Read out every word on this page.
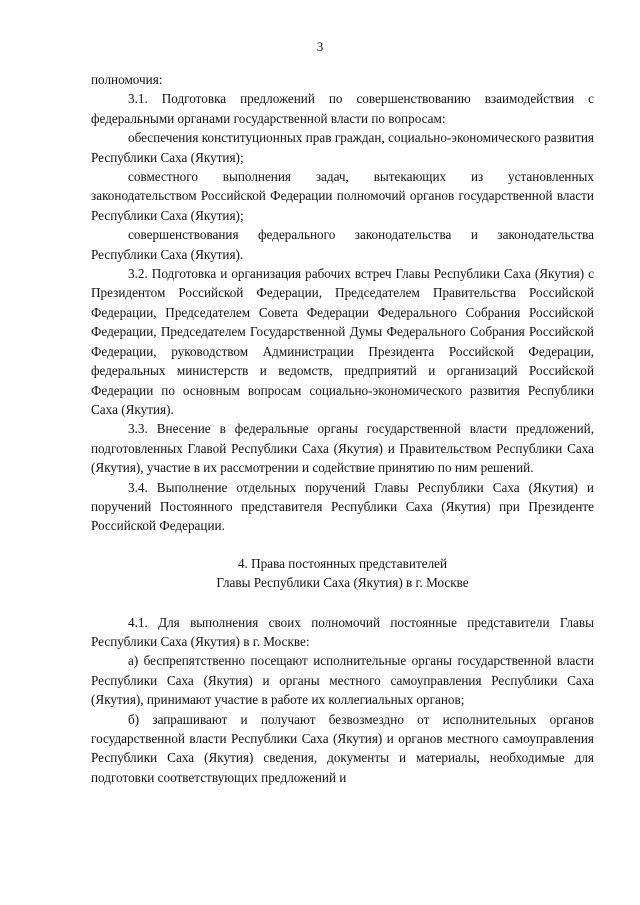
3

полномочия:

3.1. Подготовка предложений по совершенствованию взаимодействия с федеральными органами государственной власти по вопросам:

обеспечения конституционных прав граждан, социально-экономического развития Республики Саха (Якутия);

совместного выполнения задач, вытекающих из установленных законодательством Российской Федерации полномочий органов государственной власти Республики Саха (Якутия);

совершенствования федерального законодательства и законодательства Республики Саха (Якутия).

3.2. Подготовка и организация рабочих встреч Главы Республики Саха (Якутия) с Президентом Российской Федерации, Председателем Правительства Российской Федерации, Председателем Совета Федерации Федерального Собрания Российской Федерации, Председателем Государственной Думы Федерального Собрания Российской Федерации, руководством Администрации Президента Российской Федерации, федеральных министерств и ведомств, предприятий и организаций Российской Федерации по основным вопросам социально-экономического развития Республики Саха (Якутия).

3.3. Внесение в федеральные органы государственной власти предложений, подготовленных Главой Республики Саха (Якутия) и Правительством Республики Саха (Якутия), участие в их рассмотрении и содействие принятию по ним решений.

3.4. Выполнение отдельных поручений Главы Республики Саха (Якутия) и поручений Постоянного представителя Республики Саха (Якутия) при Президенте Российской Федерации.

4. Права постоянных представителей

Главы Республики Саха (Якутия) в г. Москве

4.1. Для выполнения своих полномочий постоянные представители Главы Республики Саха (Якутия) в г. Москве:

а) беспрепятственно посещают исполнительные органы государственной власти Республики Саха (Якутия) и органы местного самоуправления Республики Саха (Якутия), принимают участие в работе их коллегиальных органов;

б) запрашивают и получают безвозмездно от исполнительных органов государственной власти Республики Саха (Якутия) и органов местного самоуправления Республики Саха (Якутия) сведения, документы и материалы, необходимые для подготовки соответствующих предложений и
